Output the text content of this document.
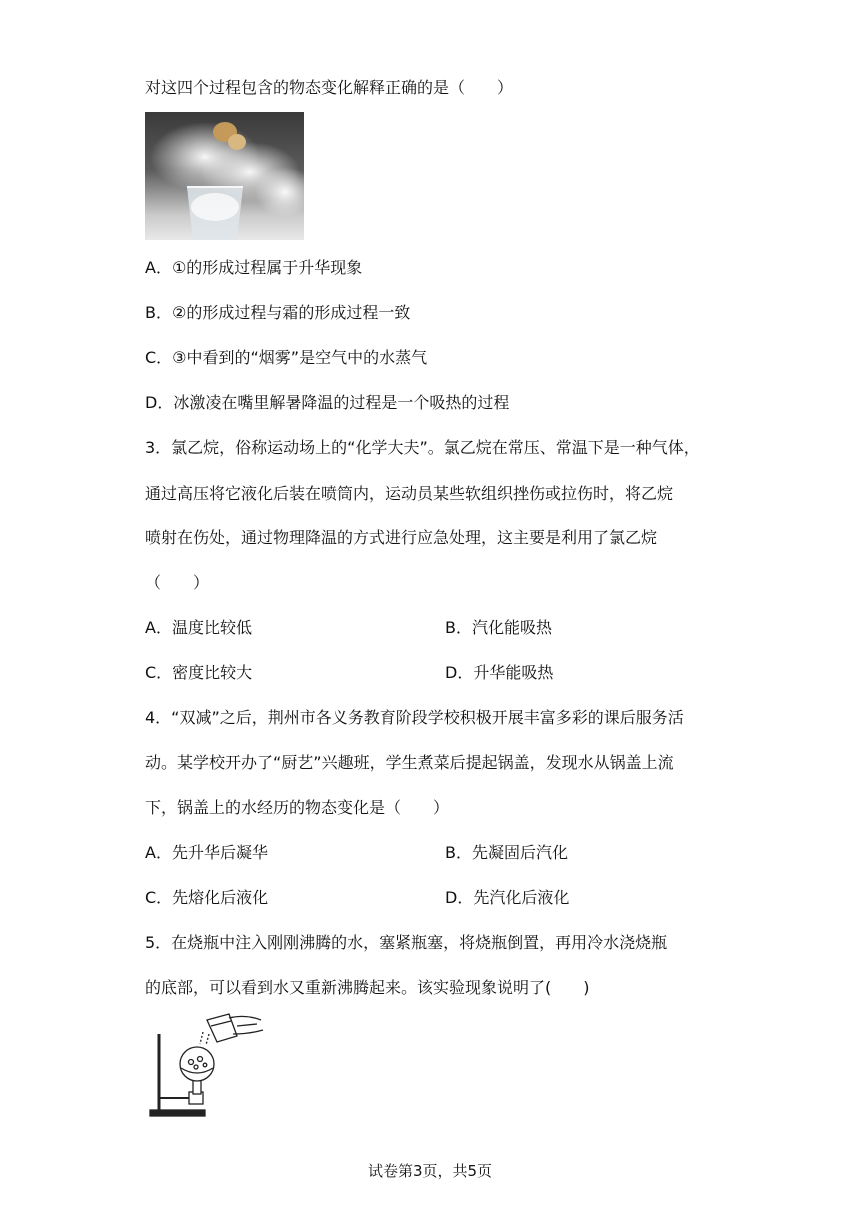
对这四个过程包含的物态变化解释正确的是（　　）
A．①的形成过程属于升华现象
B．②的形成过程与霜的形成过程一致
C．③中看到的“烟雾”是空气中的水蒸气
D．冰激凌在嘴里解暑降温的过程是一个吸热的过程
3．氯乙烷，俗称运动场上的“化学大夫”。氯乙烷在常压、常温下是一种气体，
通过高压将它液化后装在喷筒内，运动员某些软组织挫伤或拉伤时，将乙烷
喷射在伤处，通过物理降温的方式进行应急处理，这主要是利用了氯乙烷
（　　）
A．温度比较低	B．汽化能吸热
C．密度比较大	D．升华能吸热
4．“双减”之后，荆州市各义务教育阶段学校积极开展丰富多彩的课后服务活
动。某学校开办了“厨艺”兴趣班，学生煮菜后提起锅盖，发现水从锅盖上流
下，锅盖上的水经历的物态变化是（　　）
A．先升华后凝华	B．先凝固后汽化
C．先熔化后液化	D．先汽化后液化
5．在烧瓶中注入刚刚沸腾的水，塞紧瓶塞，将烧瓶倒置，再用冷水浇烧瓶
的底部，可以看到水又重新沸腾起来。该实验现象说明了(　　)
试卷第3页，共5页
